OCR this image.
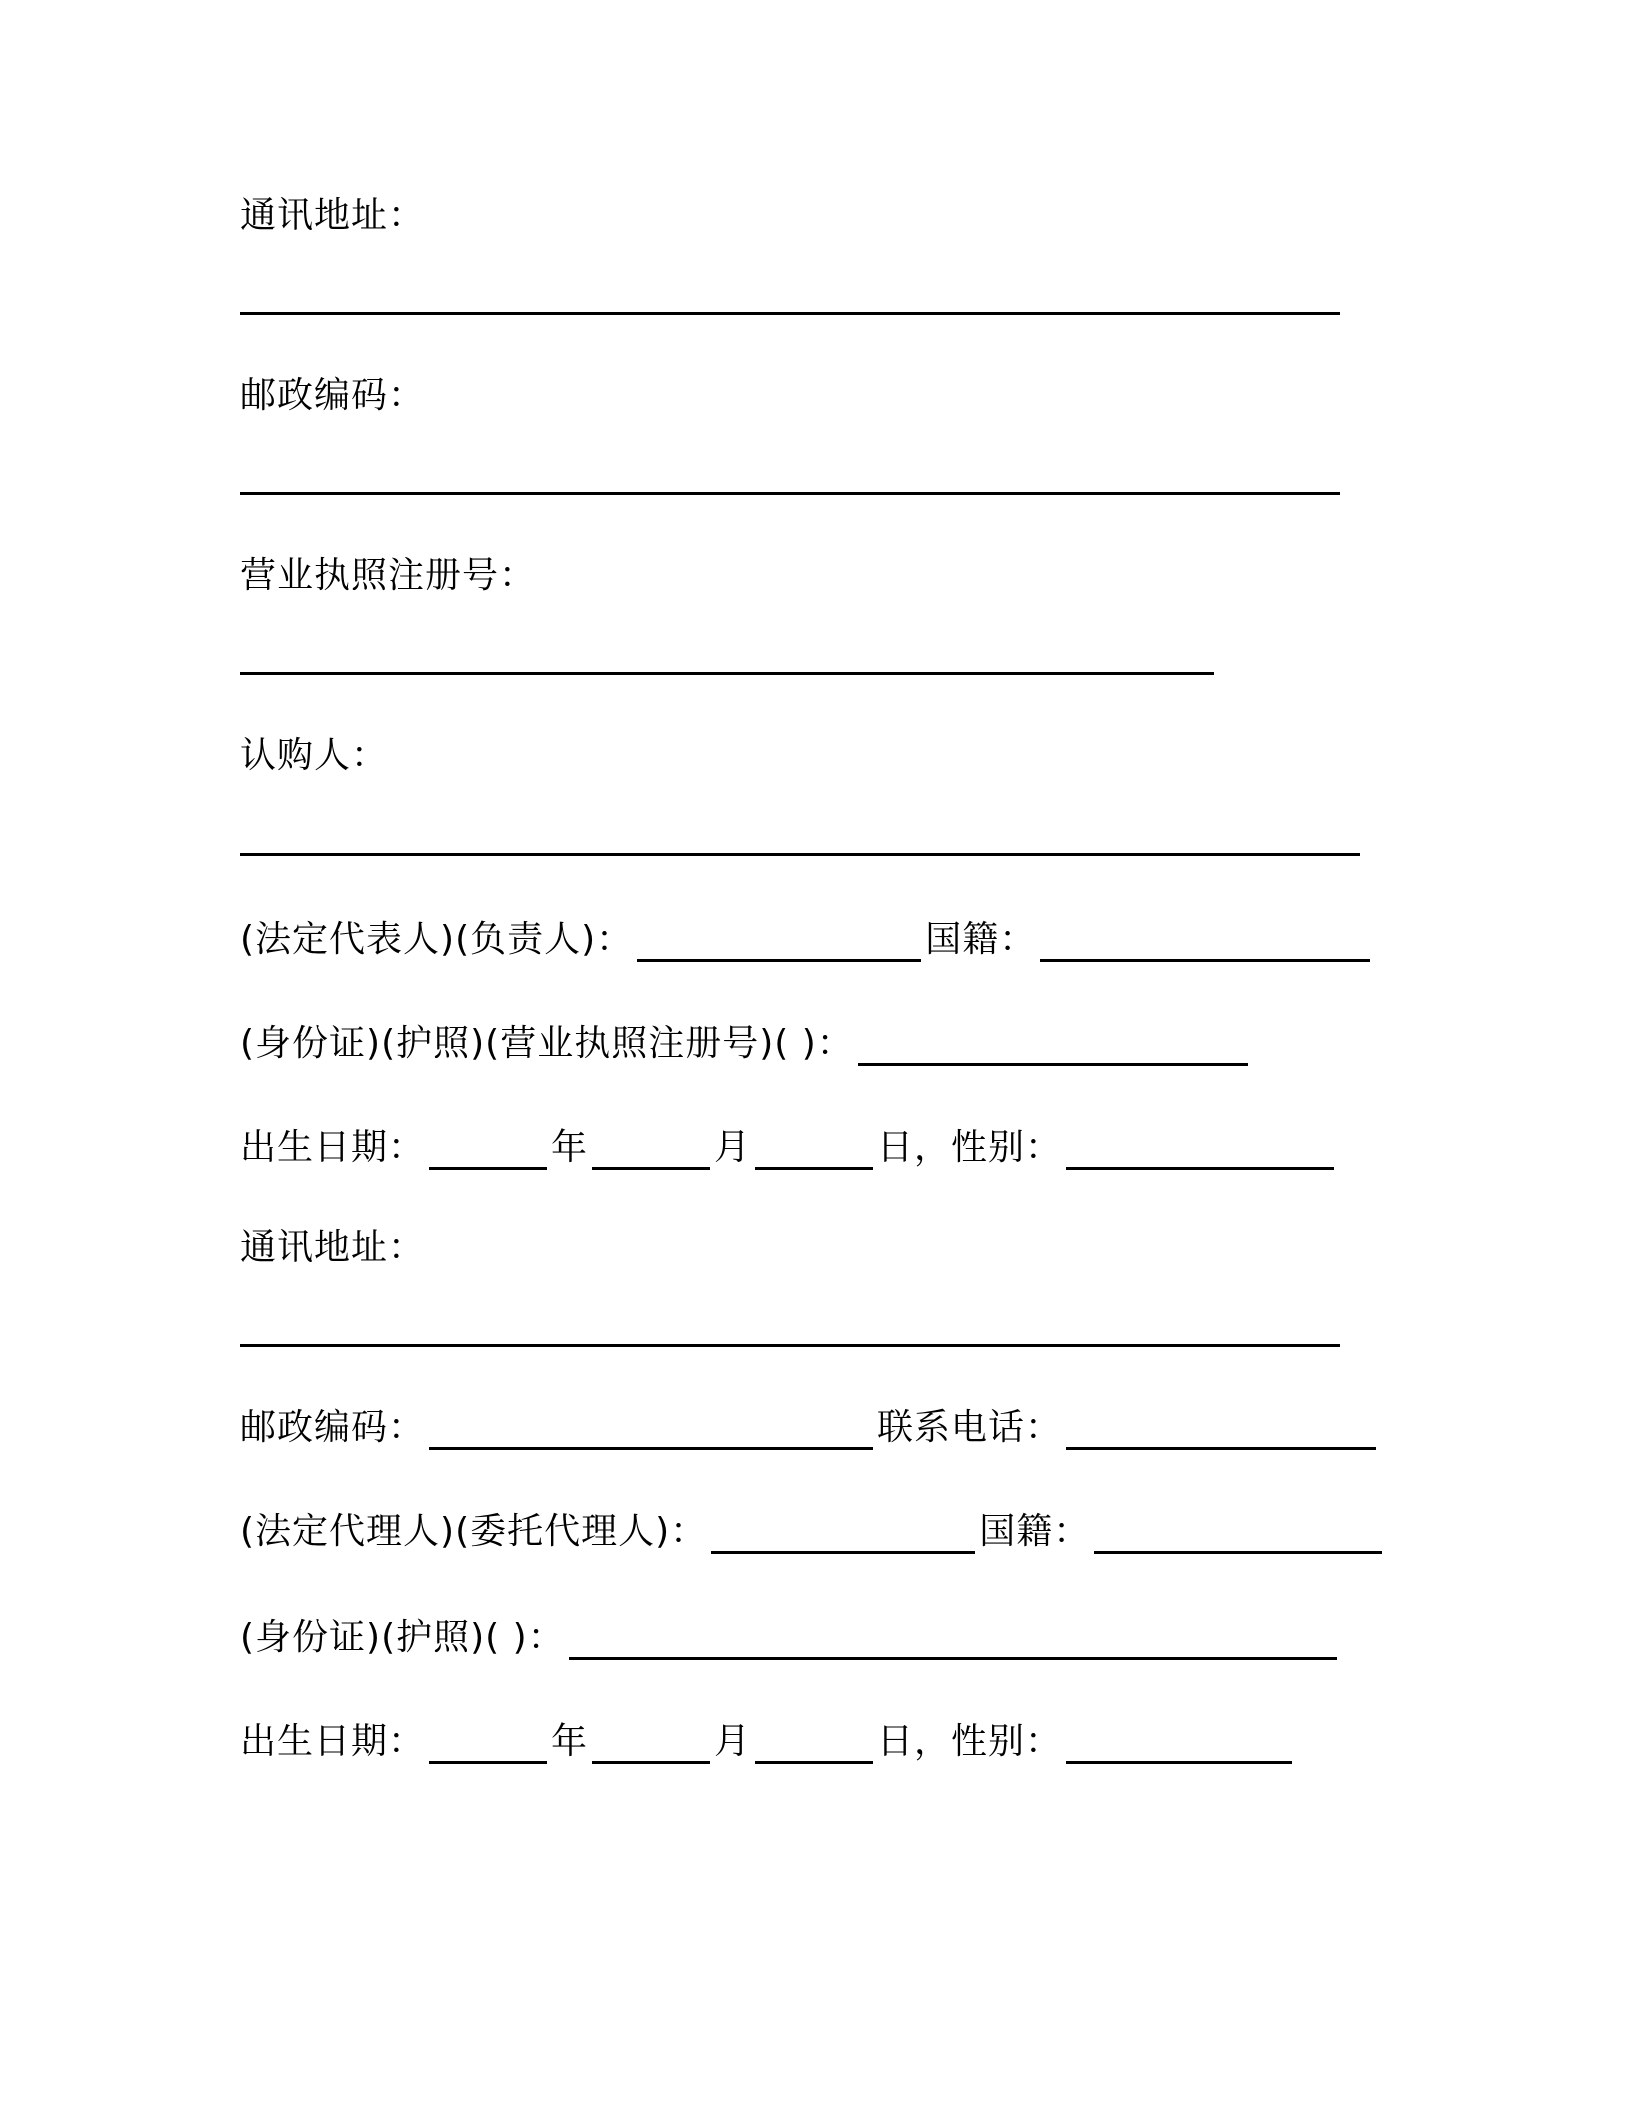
通讯地址：
邮政编码：
营业执照注册号：
认购人：
(法定代表人)(负责人)：	国籍：
(身份证)(护照)(营业执照注册号)( )：
出生日期：	年	月	日，性别：
通讯地址：
邮政编码：	联系电话：
(法定代理人)(委托代理人)：	国籍：
(身份证)(护照)( )：
出生日期：	年	月	日，性别：
